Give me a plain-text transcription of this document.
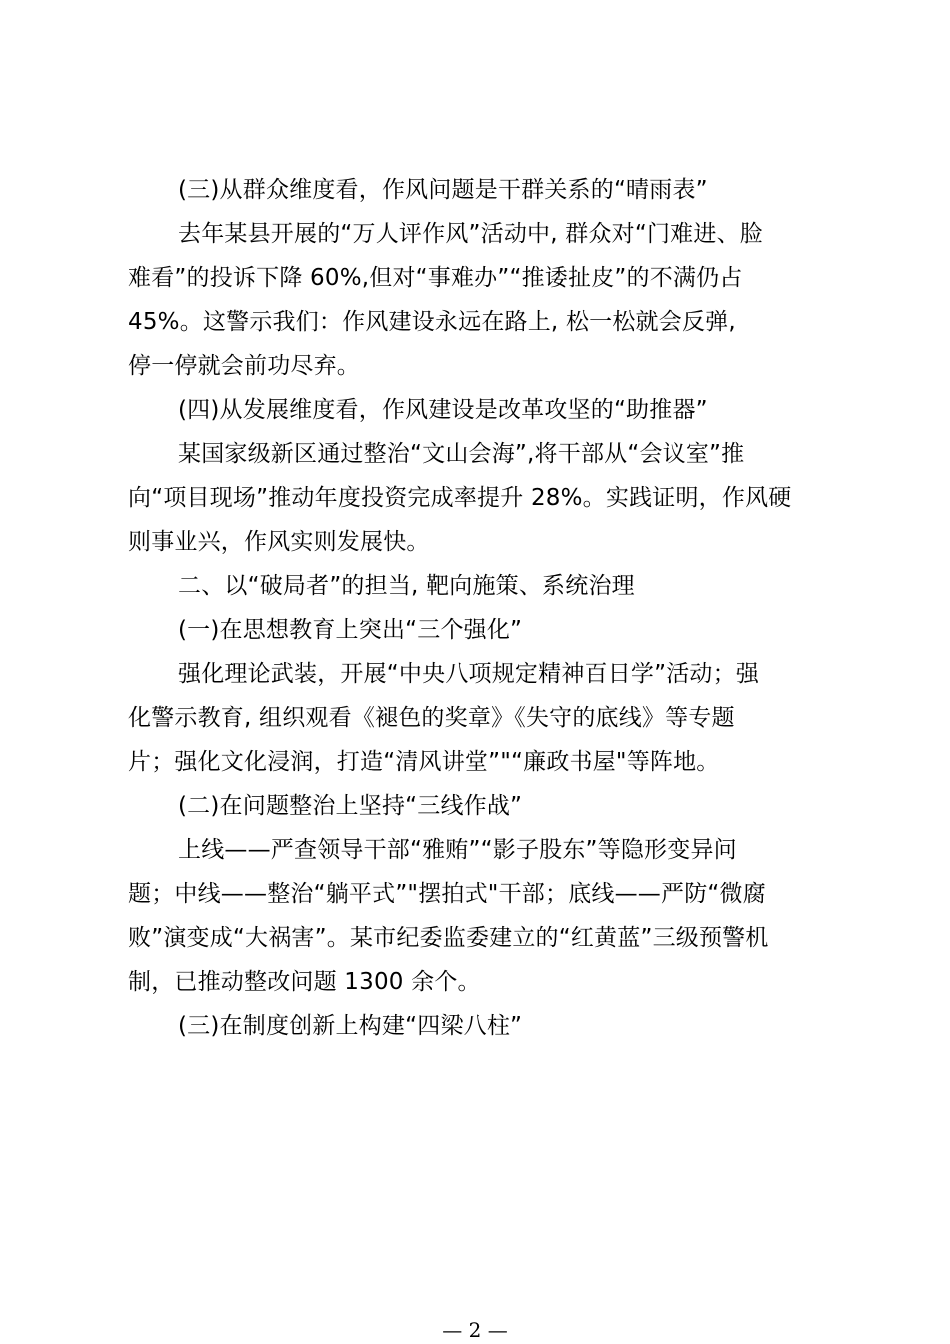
(三)从群众维度看，作风问题是干群关系的“晴雨表”
去年某县开展的“万人评作风”活动中, 群众对“门难进、脸
难看”的投诉下降 60%,但对“事难办”“推诿扯皮”的不满仍占
45%。这警示我们：作风建设永远在路上, 松一松就会反弹,
停一停就会前功尽弃。
(四)从发展维度看，作风建设是改革攻坚的“助推器”
某国家级新区通过整治“文山会海”,将干部从“会议室”推
向“项目现场”推动年度投资完成率提升 28%。实践证明，作风硬
则事业兴，作风实则发展快。
二、以“破局者”的担当, 靶向施策、系统治理
(一)在思想教育上突出“三个强化”
强化理论武装，开展“中央八项规定精神百日学”活动；强
化警示教育, 组织观看《褪色的奖章》《失守的底线》等专题
片；强化文化浸润，打造“清风讲堂”"“廉政书屋"等阵地。
(二)在问题整治上坚持“三线作战”
上线——严查领导干部“雅贿”“影子股东”等隐形变异问
题；中线——整治“躺平式”"摆拍式"干部；底线——严防“微腐
败”演变成“大祸害”。某市纪委监委建立的“红黄蓝”三级预警机
制，已推动整改问题 1300 余个。
(三)在制度创新上构建“四梁八柱”
— 2 —
